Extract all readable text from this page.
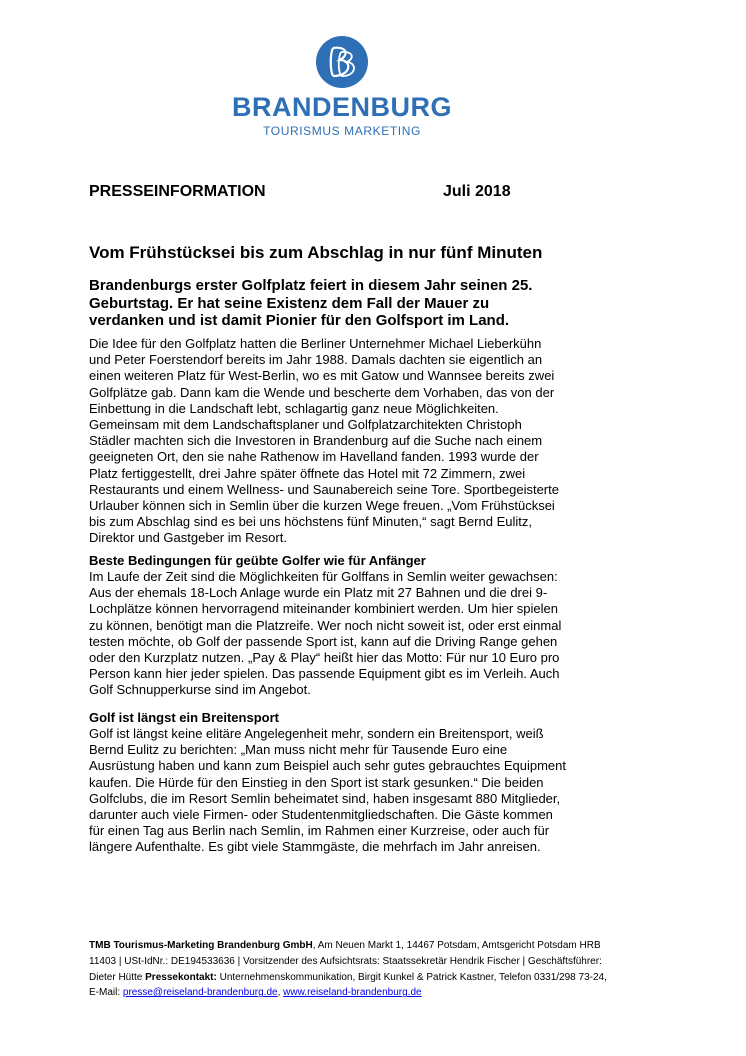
BRANDENBURG
TOURISMUS MARKETING
PRESSEINFORMATION	Juli 2018
Vom Frühstücksei bis zum Abschlag in nur fünf Minuten
Brandenburgs erster Golfplatz feiert in diesem Jahr seinen 25. Geburtstag. Er hat seine Existenz dem Fall der Mauer zu verdanken und ist damit Pionier für den Golfsport im Land.
Die Idee für den Golfplatz hatten die Berliner Unternehmer Michael Lieberkühn
und Peter Foerstendorf bereits im Jahr 1988. Damals dachten sie eigentlich an
einen weiteren Platz für West-Berlin, wo es mit Gatow und Wannsee bereits zwei
Golfplätze gab. Dann kam die Wende und bescherte dem Vorhaben, das von der
Einbettung in die Landschaft lebt, schlagartig ganz neue Möglichkeiten.
Gemeinsam mit dem Landschaftsplaner und Golfplatzarchitekten Christoph
Städler machten sich die Investoren in Brandenburg auf die Suche nach einem
geeigneten Ort, den sie nahe Rathenow im Havelland fanden. 1993 wurde der
Platz fertiggestellt, drei Jahre später öffnete das Hotel mit 72 Zimmern, zwei
Restaurants und einem Wellness- und Saunabereich seine Tore. Sportbegeisterte
Urlauber können sich in Semlin über die kurzen Wege freuen. „Vom Frühstücksei
bis zum Abschlag sind es bei uns höchstens fünf Minuten,“ sagt Bernd Eulitz,
Direktor und Gastgeber im Resort.
Beste Bedingungen für geübte Golfer wie für Anfänger
Im Laufe der Zeit sind die Möglichkeiten für Golffans in Semlin weiter gewachsen:
Aus der ehemals 18-Loch Anlage wurde ein Platz mit 27 Bahnen und die drei 9-
Lochplätze können hervorragend miteinander kombiniert werden. Um hier spielen
zu können, benötigt man die Platzreife. Wer noch nicht soweit ist, oder erst einmal
testen möchte, ob Golf der passende Sport ist, kann auf die Driving Range gehen
oder den Kurzplatz nutzen. „Pay & Play“ heißt hier das Motto: Für nur 10 Euro pro
Person kann hier jeder spielen. Das passende Equipment gibt es im Verleih. Auch
Golf Schnupperkurse sind im Angebot.
Golf ist längst ein Breitensport
Golf ist längst keine elitäre Angelegenheit mehr, sondern ein Breitensport, weiß
Bernd Eulitz zu berichten: „Man muss nicht mehr für Tausende Euro eine
Ausrüstung haben und kann zum Beispiel auch sehr gutes gebrauchtes Equipment
kaufen. Die Hürde für den Einstieg in den Sport ist stark gesunken.“ Die beiden
Golfclubs, die im Resort Semlin beheimatet sind, haben insgesamt 880 Mitglieder,
darunter auch viele Firmen- oder Studentenmitgliedschaften. Die Gäste kommen
für einen Tag aus Berlin nach Semlin, im Rahmen einer Kurzreise, oder auch für
längere Aufenthalte. Es gibt viele Stammgäste, die mehrfach im Jahr anreisen.
TMB Tourismus-Marketing Brandenburg GmbH, Am Neuen Markt 1, 14467 Potsdam, Amtsgericht Potsdam HRB 11403 | USt-IdNr.: DE194533636 | Vorsitzender des Aufsichtsrats: Staatssekretär Hendrik Fischer | Geschäftsführer: Dieter Hütte Pressekontakt: Unternehmenskommunikation, Birgit Kunkel & Patrick Kastner, Telefon 0331/298 73-24, E-Mail: presse@reiseland-brandenburg.de, www.reiseland-brandenburg.de
